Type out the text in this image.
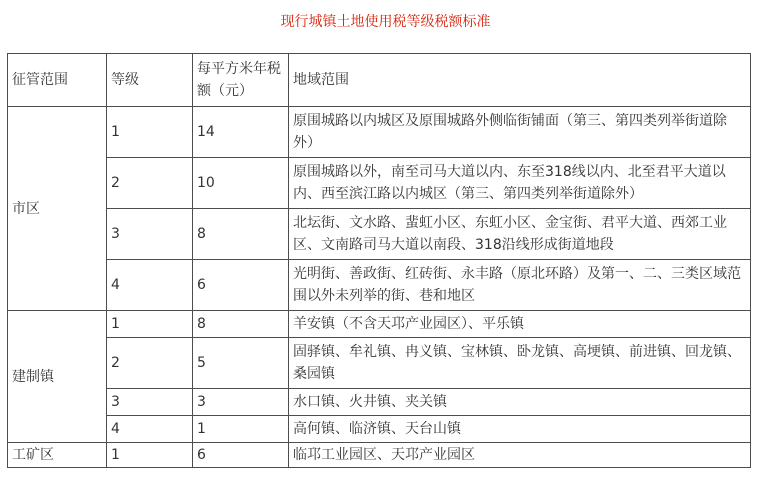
现行城镇土地使用税等级税额标准
征管范围	等级	每平方米年税额（元）	地域范围
市区	1	14	原围城路以内城区及原围城路外侧临街铺面（第三、第四类列举街道除外）
	2	10	原围城路以外，南至司马大道以内、东至318线以内、北至君平大道以内、西至滨江路以内城区（第三、第四类列举街道除外）
	3	8	北坛街、文水路、蜚虹小区、东虹小区、金宝街、君平大道、西郊工业区、文南路司马大道以南段、318沿线形成街道地段
	4	6	光明街、善政街、红砖街、永丰路（原北环路）及第一、二、三类区域范围以外未列举的街、巷和地区
建制镇	1	8	羊安镇（不含天邛产业园区）、平乐镇
	2	5	固驿镇、牟礼镇、冉义镇、宝林镇、卧龙镇、高埂镇、前进镇、回龙镇、桑园镇
	3	3	水口镇、火井镇、夹关镇
	4	1	高何镇、临济镇、天台山镇
工矿区	1	6	临邛工业园区、天邛产业园区
